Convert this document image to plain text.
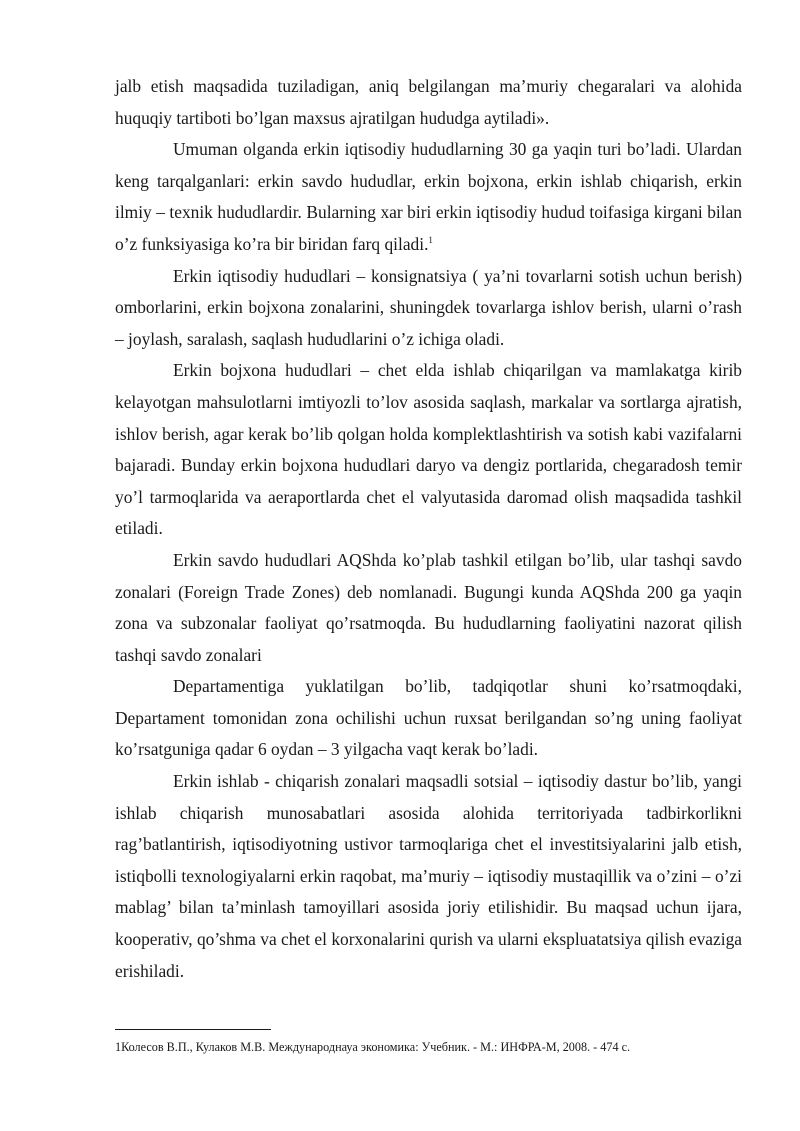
jalb etish maqsadida tuziladigan, aniq belgilangan ma’muriy chegaralari va alohida huquqiy tartiboti bo’lgan maxsus ajratilgan hududga aytiladi».

Umuman olganda erkin iqtisodiy hududlarning 30 ga yaqin turi bo’ladi. Ulardan keng tarqalganlari: erkin savdo hududlar, erkin bojxona, erkin ishlab chiqarish, erkin ilmiy – texnik hududlardir. Bularning xar biri erkin iqtisodiy hudud toifasiga kirgani bilan o’z funksiyasiga ko’ra bir biridan farq qiladi.$^1$

Erkin iqtisodiy hududlari – konsignatsiya ( ya’ni tovarlarni sotish uchun berish) omborlarini, erkin bojxona zonalarini, shuningdek tovarlarga ishlov berish, ularni o’rash – joylash, saralash, saqlash hududlarini o’z ichiga oladi.

Erkin bojxona hududlari – chet elda ishlab chiqarilgan va mamlakatga kirib kelayotgan mahsulotlarni imtiyozli to’lov asosida saqlash, markalar va sortlarga ajratish, ishlov berish, agar kerak bo’lib qolgan holda komplektlashtirish va sotish kabi vazifalarni bajaradi. Bunday erkin bojxona hududlari daryo va dengiz portlarida, chegaradosh temir yo’l tarmoqlarida va aeraportlarda chet el valyutasida daromad olish maqsadida tashkil etiladi.

Erkin savdo hududlari AQShda ko’plab tashkil etilgan bo’lib, ular tashqi savdo zonalari (Foreign Trade Zones) deb nomlanadi. Bugungi kunda AQShda 200 ga yaqin zona va subzonalar faoliyat qo’rsatmoqda. Bu hududlarning faoliyatini nazorat qilish tashqi savdo zonalari

Departamentiga yuklatilgan bo’lib, tadqiqotlar shuni ko’rsatmoqdaki, Departament tomonidan zona ochilishi uchun ruxsat berilgandan so’ng uning faoliyat ko’rsatguniga qadar 6 oydan – 3 yilgacha vaqt kerak bo’ladi.

Erkin ishlab - chiqarish zonalari maqsadli sotsial – iqtisodiy dastur bo’lib, yangi ishlab chiqarish munosabatlari asosida alohida territoriyada tadbirkorlikni rag’batlantirish, iqtisodiyotning ustivor tarmoqlariga chet el investitsiyalarini jalb etish, istiqbolli texnologiyalarni erkin raqobat, ma’muriy – iqtisodiy mustaqillik va o’zini – o’zi mablag’ bilan ta’minlash tamoyillari asosida joriy etilishidir. Bu maqsad uchun ijara, kooperativ, qo’shma va chet el korxonalarini qurish va ularni ekspluatatsiya qilish evaziga erishiladi.

1Колесов В.П., Кулаков М.В. Международнауа экономика: Учебник. - М.: ИНФРА-М, 2008. - 474 с.
